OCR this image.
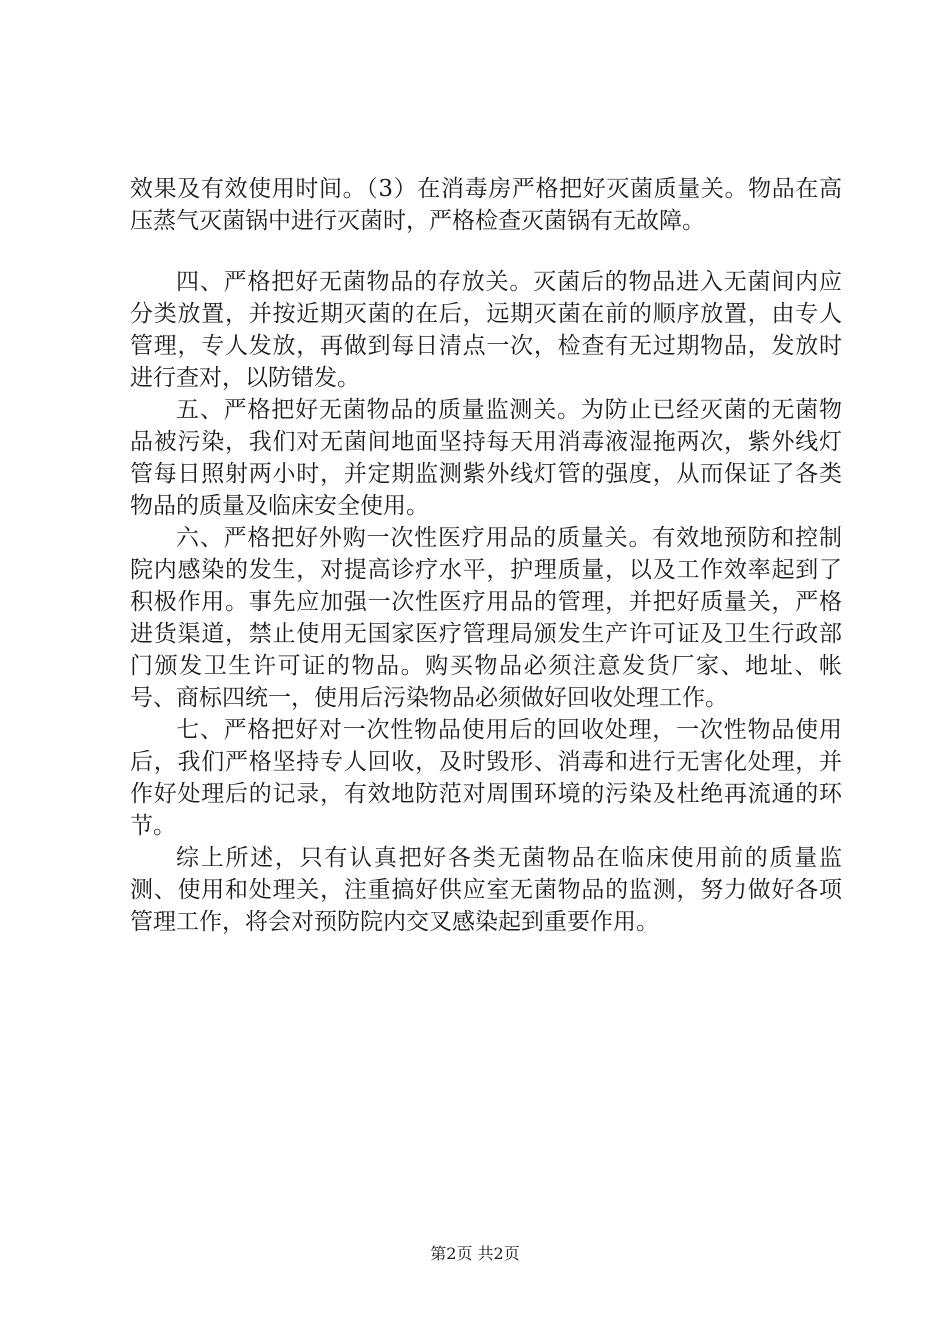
效果及有效使用时间。（3）在消毒房严格把好灭菌质量关。物品在高压蒸气灭菌锅中进行灭菌时，严格检查灭菌锅有无故障。

四、严格把好无菌物品的存放关。灭菌后的物品进入无菌间内应分类放置，并按近期灭菌的在后，远期灭菌在前的顺序放置，由专人管理，专人发放，再做到每日清点一次，检查有无过期物品，发放时进行查对，以防错发。

五、严格把好无菌物品的质量监测关。为防止已经灭菌的无菌物品被污染，我们对无菌间地面坚持每天用消毒液湿拖两次，紫外线灯管每日照射两小时，并定期监测紫外线灯管的强度，从而保证了各类物品的质量及临床安全使用。

六、严格把好外购一次性医疗用品的质量关。有效地预防和控制院内感染的发生，对提高诊疗水平，护理质量，以及工作效率起到了积极作用。事先应加强一次性医疗用品的管理，并把好质量关，严格进货渠道，禁止使用无国家医疗管理局颁发生产许可证及卫生行政部门颁发卫生许可证的物品。购买物品必须注意发货厂家、地址、帐号、商标四统一，使用后污染物品必须做好回收处理工作。

七、严格把好对一次性物品使用后的回收处理，一次性物品使用后，我们严格坚持专人回收，及时毁形、消毒和进行无害化处理，并作好处理后的记录，有效地防范对周围环境的污染及杜绝再流通的环节。

综上所述，只有认真把好各类无菌物品在临床使用前的质量监测、使用和处理关，注重搞好供应室无菌物品的监测，努力做好各项管理工作，将会对预防院内交叉感染起到重要作用。

第2页 共2页
